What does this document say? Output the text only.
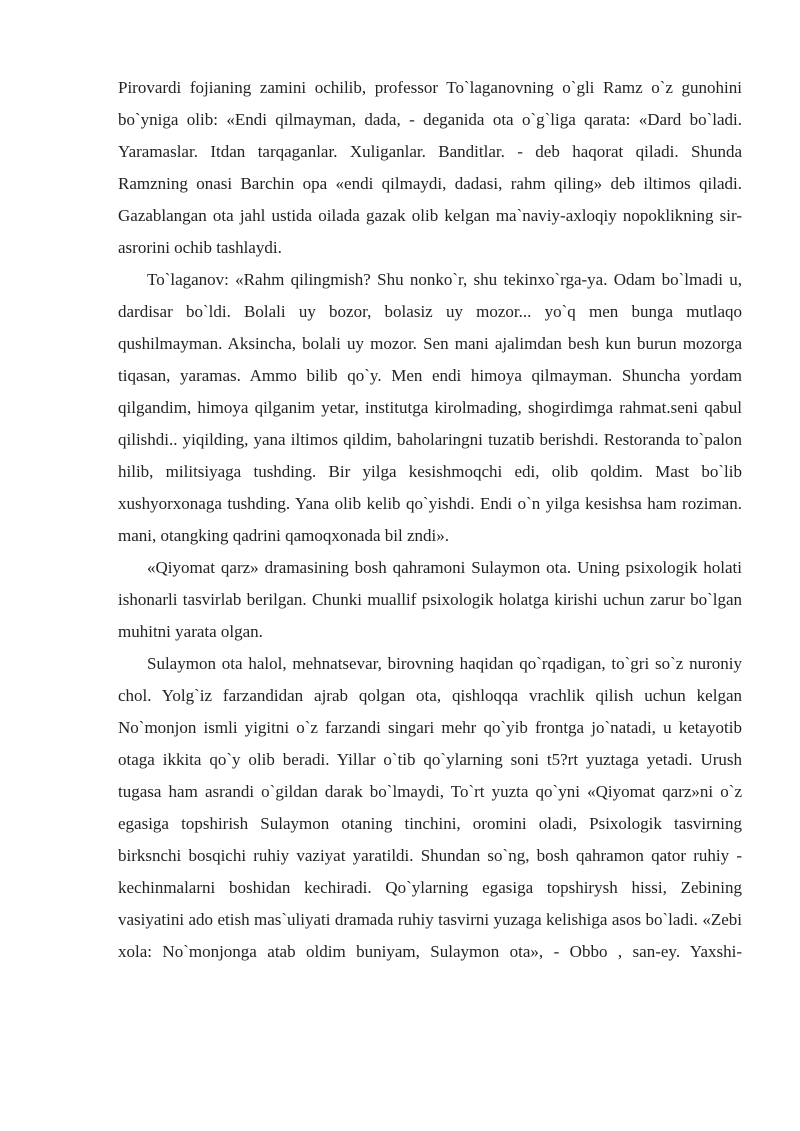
Pirovardi fojianing zamini ochilib, professor To`laganovning o`gli Ramz o`z gunohini bo`yniga olib: «Endi qilmayman, dada, - deganida ota o`g`liga qarata: «Dard bo`ladi. Yaramaslar. Itdan tarqaganlar. Xuliganlar. Banditlar. - deb haqorat qiladi. Shunda Ramzning onasi Barchin opa «endi qilmaydi, dadasi, rahm qiling» deb iltimos qiladi. Gazablangan ota jahl ustida oilada gazak olib kelgan ma`naviy-axloqiy nopoklikning sir-asrorini ochib tashlaydi.

To`laganov: «Rahm qilingmish? Shu nonko`r, shu tekinxo`rga-ya. Odam bo`lmadi u, dardisar bo`ldi. Bolali uy bozor, bolasiz uy mozor... yo`q men bunga mutlaqo qushilmayman. Aksincha, bolali uy mozor. Sen mani ajalimdan besh kun burun mozorga tiqasan, yaramas. Ammo bilib qo`y. Men endi himoya qilmayman. Shuncha yordam qilgandim, himoya qilganim yetar, institutga kirolmading, shogirdimga rahmat.seni qabul qilishdi.. yiqilding, yana iltimos qildim, baholaringni tuzatib berishdi. Restoranda to`palon hilib, militsiyaga tushding. Bir yilga kesishmoqchi edi, olib qoldim. Mast bo`lib xushyorxonaga tushding. Yana olib kelib qo`yishdi. Endi o`n yilga kesishsa ham roziman. mani, otangking qadrini qamoqxonada bil zndi».

«Qiyomat qarz» dramasining bosh qahramoni Sulaymon ota. Uning psixologik holati ishonarli tasvirlab berilgan. Chunki muallif psixologik holatga kirishi uchun zarur bo`lgan muhitni yarata olgan.

Sulaymon ota halol, mehnatsevar, birovning haqidan qo`rqadigan, to`gri so`z nuroniy chol. Yolg`iz farzandidan ajrab qolgan ota, qishloqqa vrachlik qilish uchun kelgan No`monjon ismli yigitni o`z farzandi singari mehr qo`yib frontga jo`natadi, u ketayotib otaga ikkita qo`y olib beradi. Yillar o`tib qo`ylarning soni t5?rt yuztaga yetadi. Urush tugasa ham asrandi o`gildan darak bo`lmaydi, To`rt yuzta qo`yni «Qiyomat qarz»ni o`z egasiga topshirish Sulaymon otaning tinchini, oromini oladi, Psixologik tasvirning birksnchi bosqichi ruhiy vaziyat yaratildi. Shundan so`ng, bosh qahramon qator ruhiy -kechinmalarni boshidan kechiradi. Qo`ylarning egasiga topshirysh hissi, Zebining vasiyatini ado etish mas`uliyati dramada ruhiy tasvirni yuzaga kelishiga asos bo`ladi. «Zebi xola: No`monjonga atab oldim buniyam, Sulaymon ota», - Obbo , san-ey. Yaxshi-
